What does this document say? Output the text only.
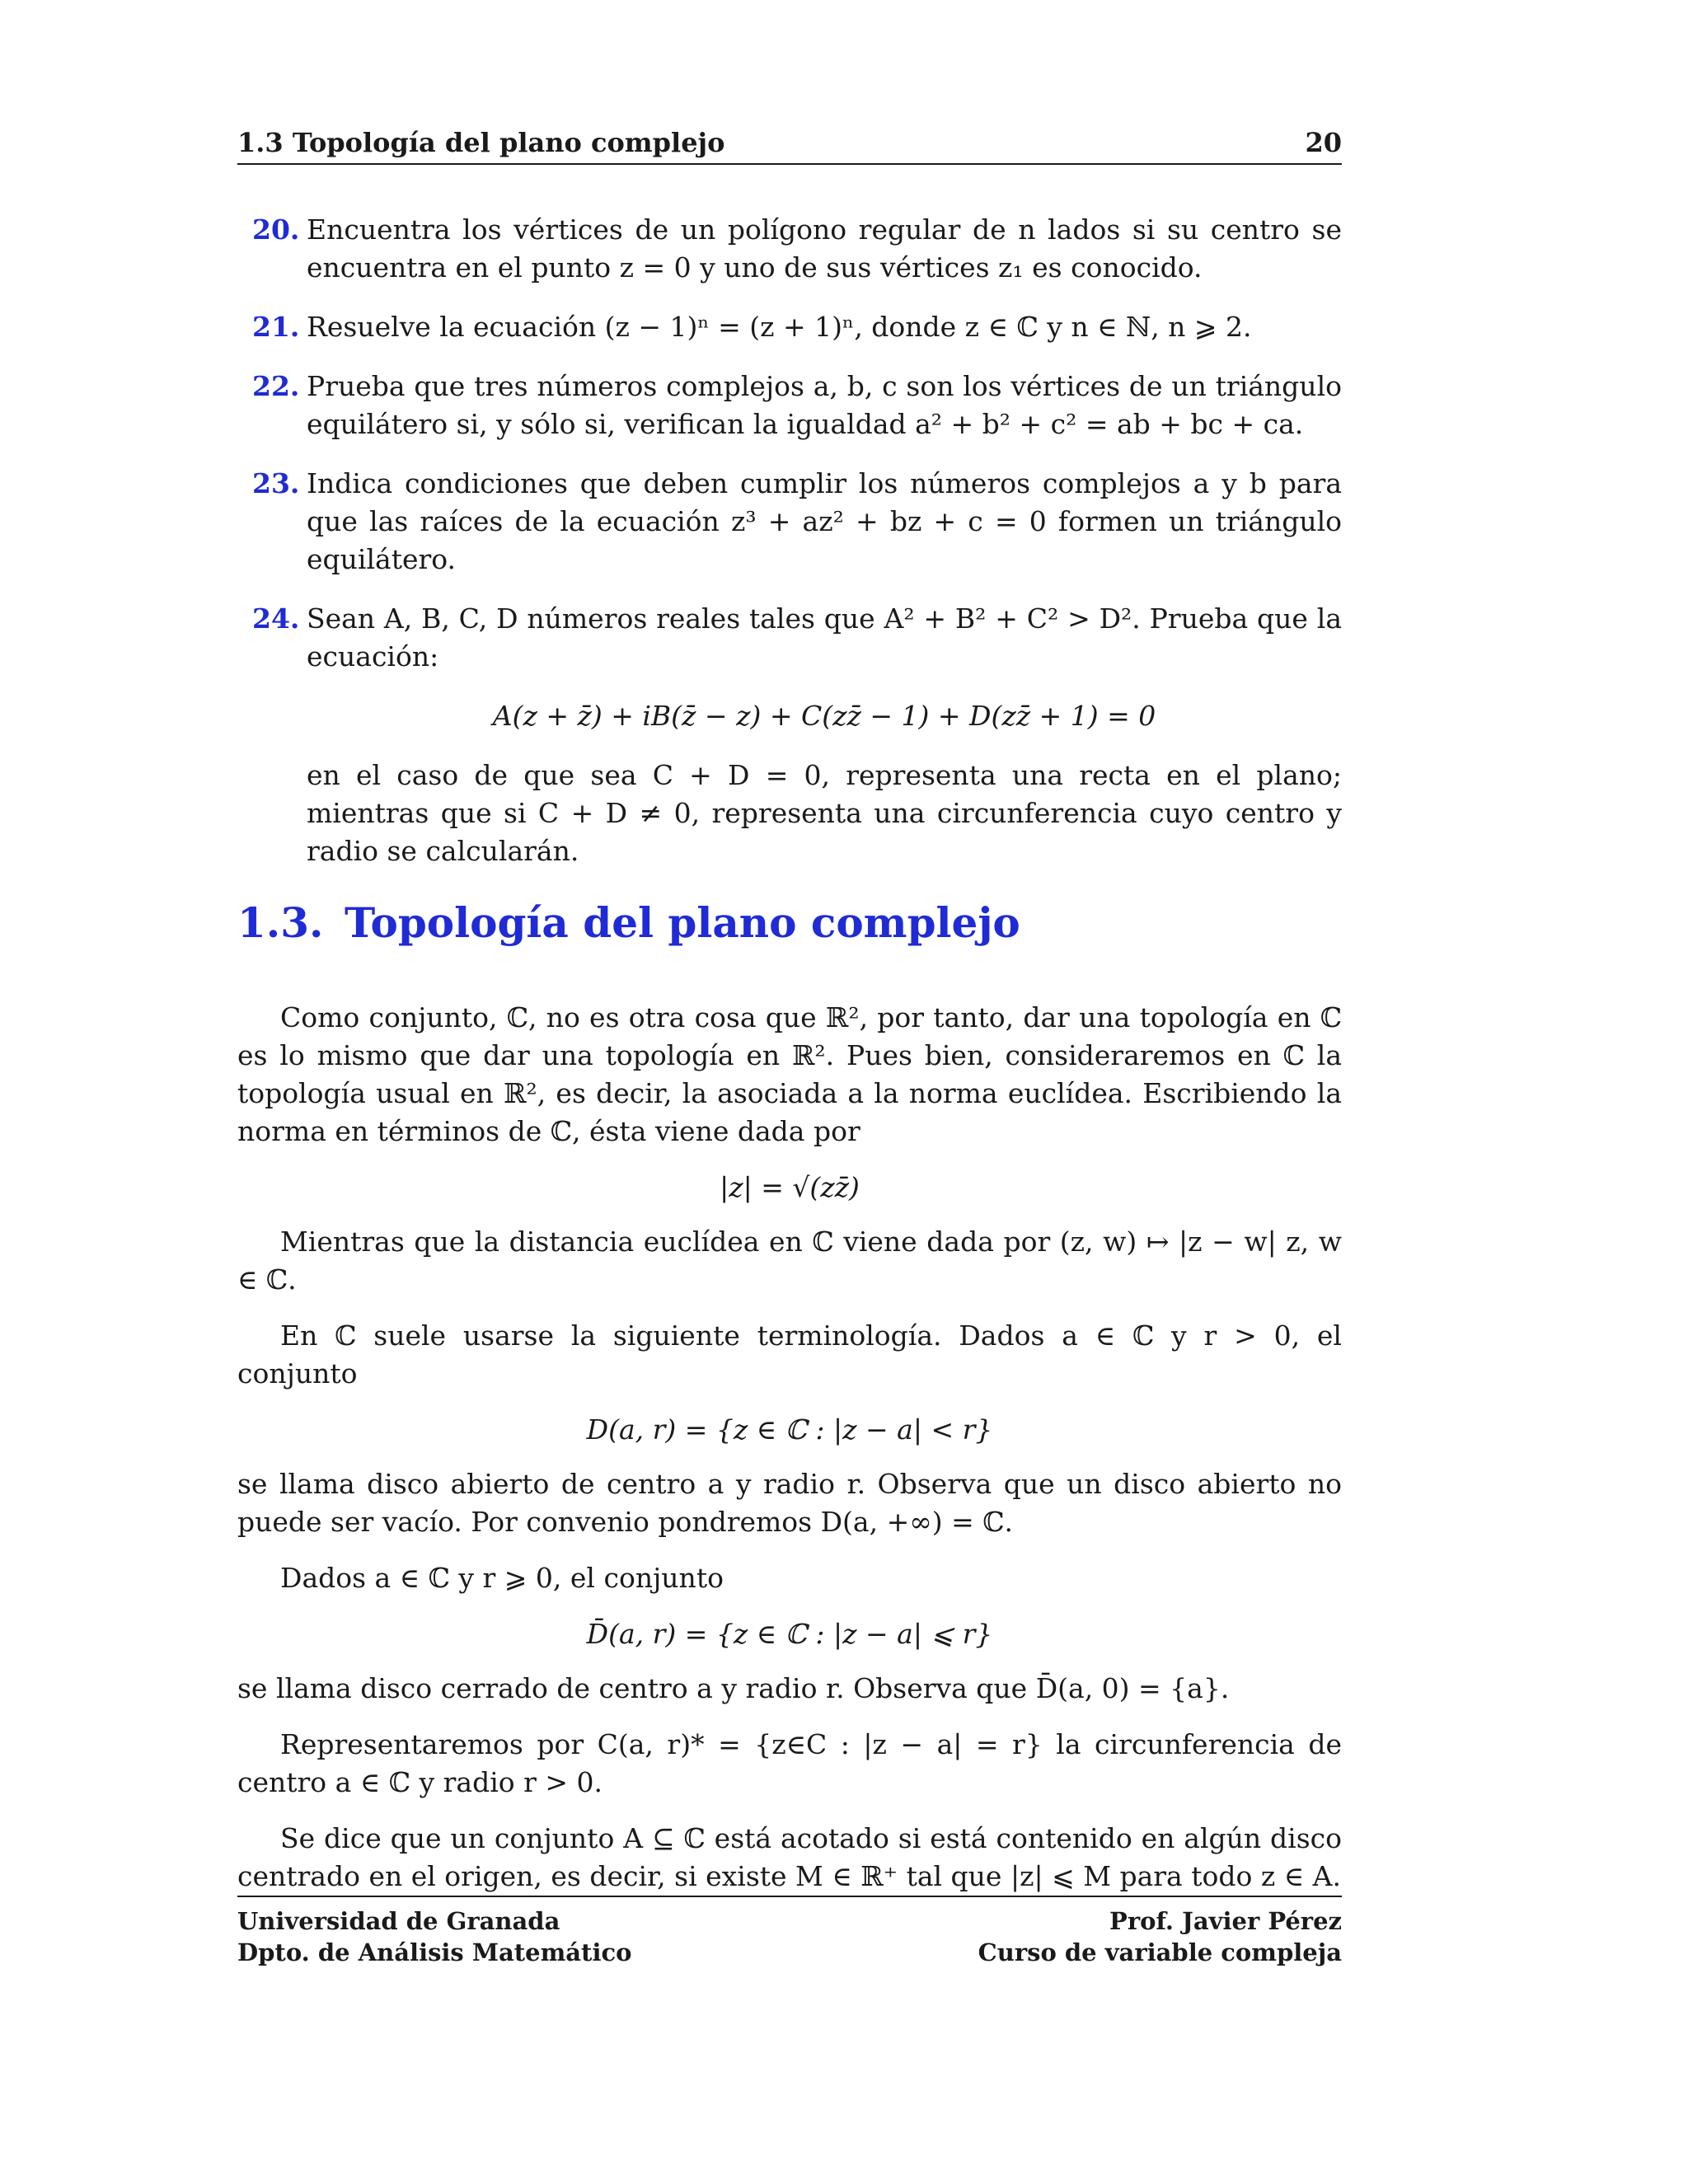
1.3 Topología del plano complejo	20
20. Encuentra los vértices de un polígono regular de n lados si su centro se encuentra en el punto z = 0 y uno de sus vértices z₁ es conocido.
21. Resuelve la ecuación (z − 1)ⁿ = (z + 1)ⁿ, donde z ∈ ℂ y n ∈ ℕ, n ⩾ 2.
22. Prueba que tres números complejos a, b, c son los vértices de un triángulo equilátero si, y sólo si, verifican la igualdad a² + b² + c² = ab + bc + ca.
23. Indica condiciones que deben cumplir los números complejos a y b para que las raíces de la ecuación z³ + az² + bz + c = 0 formen un triángulo equilátero.
24. Sean A, B, C, D números reales tales que A² + B² + C² > D². Prueba que la ecuación:
A(z + z̄) + iB(z̄ − z) + C(zz̄ − 1) + D(zz̄ + 1) = 0
en el caso de que sea C + D = 0, representa una recta en el plano; mientras que si C + D ≠ 0, representa una circunferencia cuyo centro y radio se calcularán.
1.3. Topología del plano complejo

Como conjunto, ℂ, no es otra cosa que ℝ², por tanto, dar una topología en ℂ es lo mismo que dar una topología en ℝ². Pues bien, consideraremos en ℂ la topología usual en ℝ², es decir, la asociada a la norma euclídea. Escribiendo la norma en términos de ℂ, ésta viene dada por

|z| = √(zz̄)

Mientras que la distancia euclídea en ℂ viene dada por (z, w) ↦ |z − w| z, w ∈ ℂ.

En ℂ suele usarse la siguiente terminología. Dados a ∈ ℂ y r > 0, el conjunto

D(a, r) = {z ∈ ℂ : |z − a| < r}

se llama disco abierto de centro a y radio r. Observa que un disco abierto no puede ser vacío. Por convenio pondremos D(a, +∞) = ℂ.

Dados a ∈ ℂ y r ⩾ 0, el conjunto

D̄(a, r) = {z ∈ ℂ : |z − a| ⩽ r}

se llama disco cerrado de centro a y radio r. Observa que D̄(a, 0) = {a}.

Representaremos por C(a, r)* = {z∈C : |z − a| = r} la circunferencia de centro a ∈ ℂ y radio r > 0.

Se dice que un conjunto A ⊆ ℂ está acotado si está contenido en algún disco centrado en el origen, es decir, si existe M ∈ ℝ⁺ tal que |z| ⩽ M para todo z ∈ A.

Universidad de Granada
Dpto. de Análisis Matemático
Prof. Javier Pérez
Curso de variable compleja
